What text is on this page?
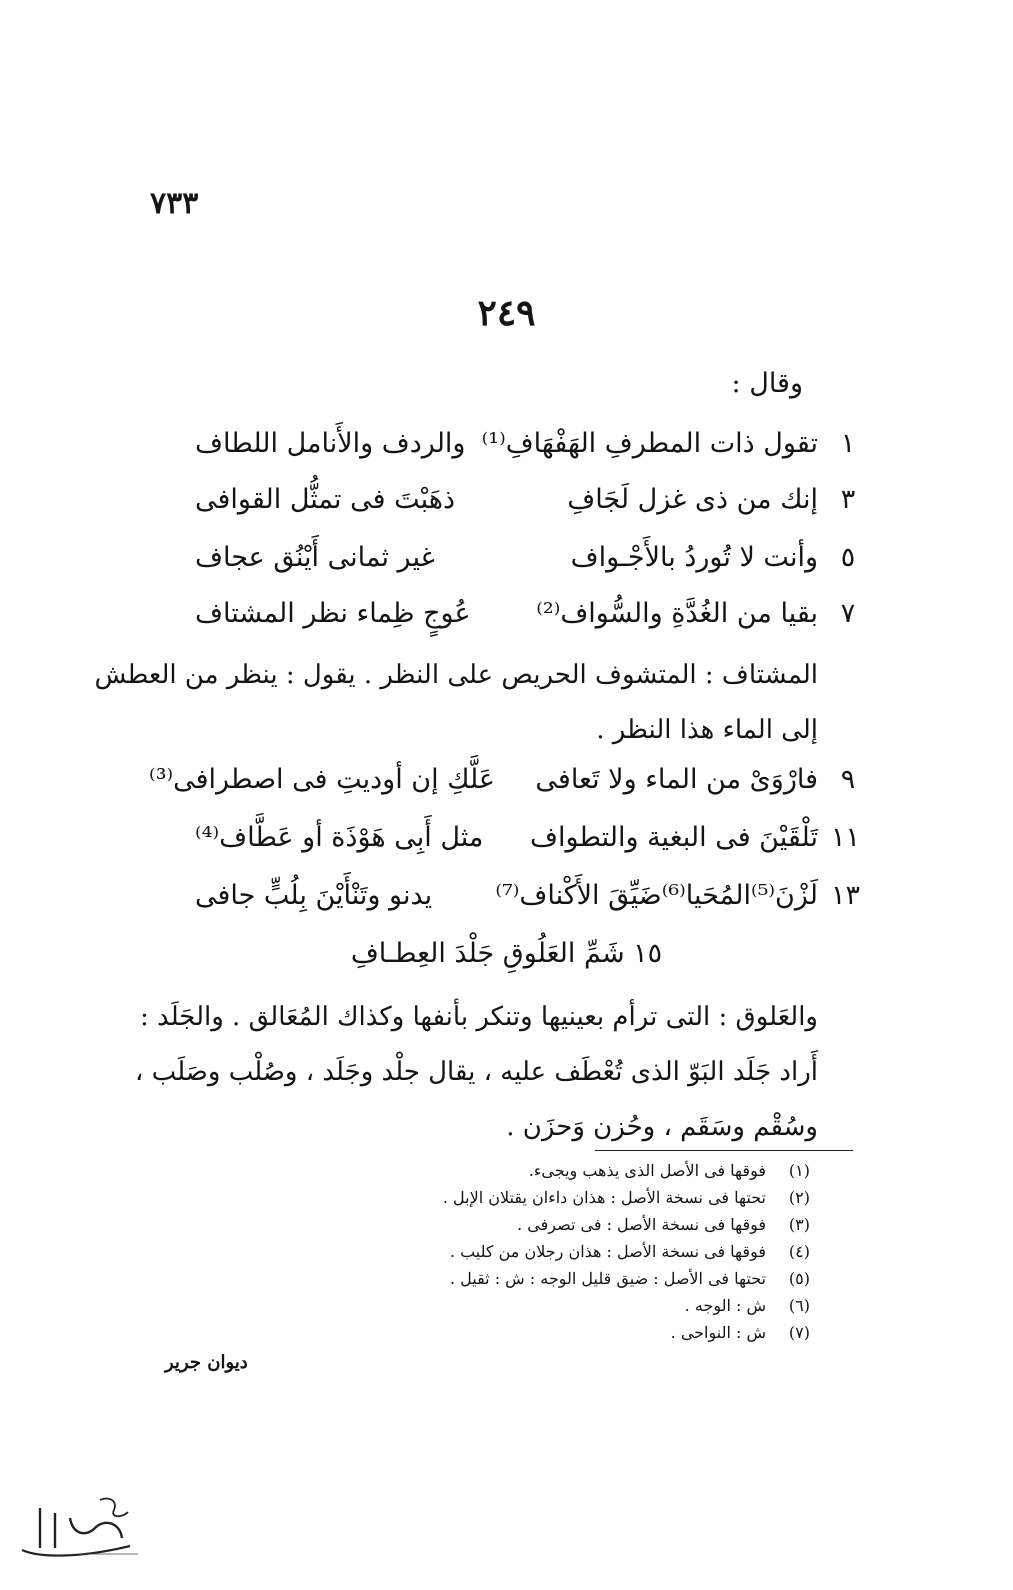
٧٣٣
٢٤٩
وقال :
١
تقول ذات المطرفِ الهَفْهَافِ⁽¹⁾
والردف والأَنامل اللطاف
٣
إنك من ذى غزل لَجَافِ
ذهَبْتَ فى تمثُّل القوافى
٥
وأنت لا تُوردُ بالأَجْـواف
غير ثمانى أَيْنُق عجاف
٧
بقيا من الغُدَّةِ والسُّواف⁽²⁾
عُوجٍ ظِماء نظر المشتاف
المشتاف : المتشوف الحريص على النظر . يقول : ينظر من العطش
إلى الماء هذا النظر .
٩
فارْوَىْ من الماء ولا تَعافى
عَلَّكِ إن أوديتِ فى اصطرافى⁽³⁾
١١
تَلْقَيْنَ فى البغية والتطواف
مثل أَبِى هَوْذَة أو عَطَّاف⁽⁴⁾
١٣
لَزْنَ⁽⁵⁾المُحَيا⁽⁶⁾ضَيِّقَ الأَكْناف⁽⁷⁾
يدنو وتَنْأَيْنَ بِلُبٍّ جافى
١٥ شَمِّ العَلُوقِ جَلْدَ العِطـافِ
والعَلوق : التى ترأم بعينيها وتنكر بأنفها وكذاك المُعَالق . والجَلَد :
أَراد جَلَد البَوّ الذى تُعْطَف عليه ، يقال جلْد وجَلَد ، وصُلْب وصَلَب ،
وسُقْم وسَقَم ، وحُزن وَحزَن .
(١)فوقها فى الأصل الذى يذهب ويجىء.
(٢)تحتها فى نسخة الأصل : هذان داءان يقتلان الإبل .
(٣)فوقها فى نسخة الأصل : فى تصرفى .
(٤)فوقها فى نسخة الأصل : هذان رجلان من كليب .
(٥)تحتها فى الأصل : ضيق قليل الوجه : ش : ثقيل .
(٦)ش : الوجه .
(٧)ش : النواحى .
ديوان جرير
